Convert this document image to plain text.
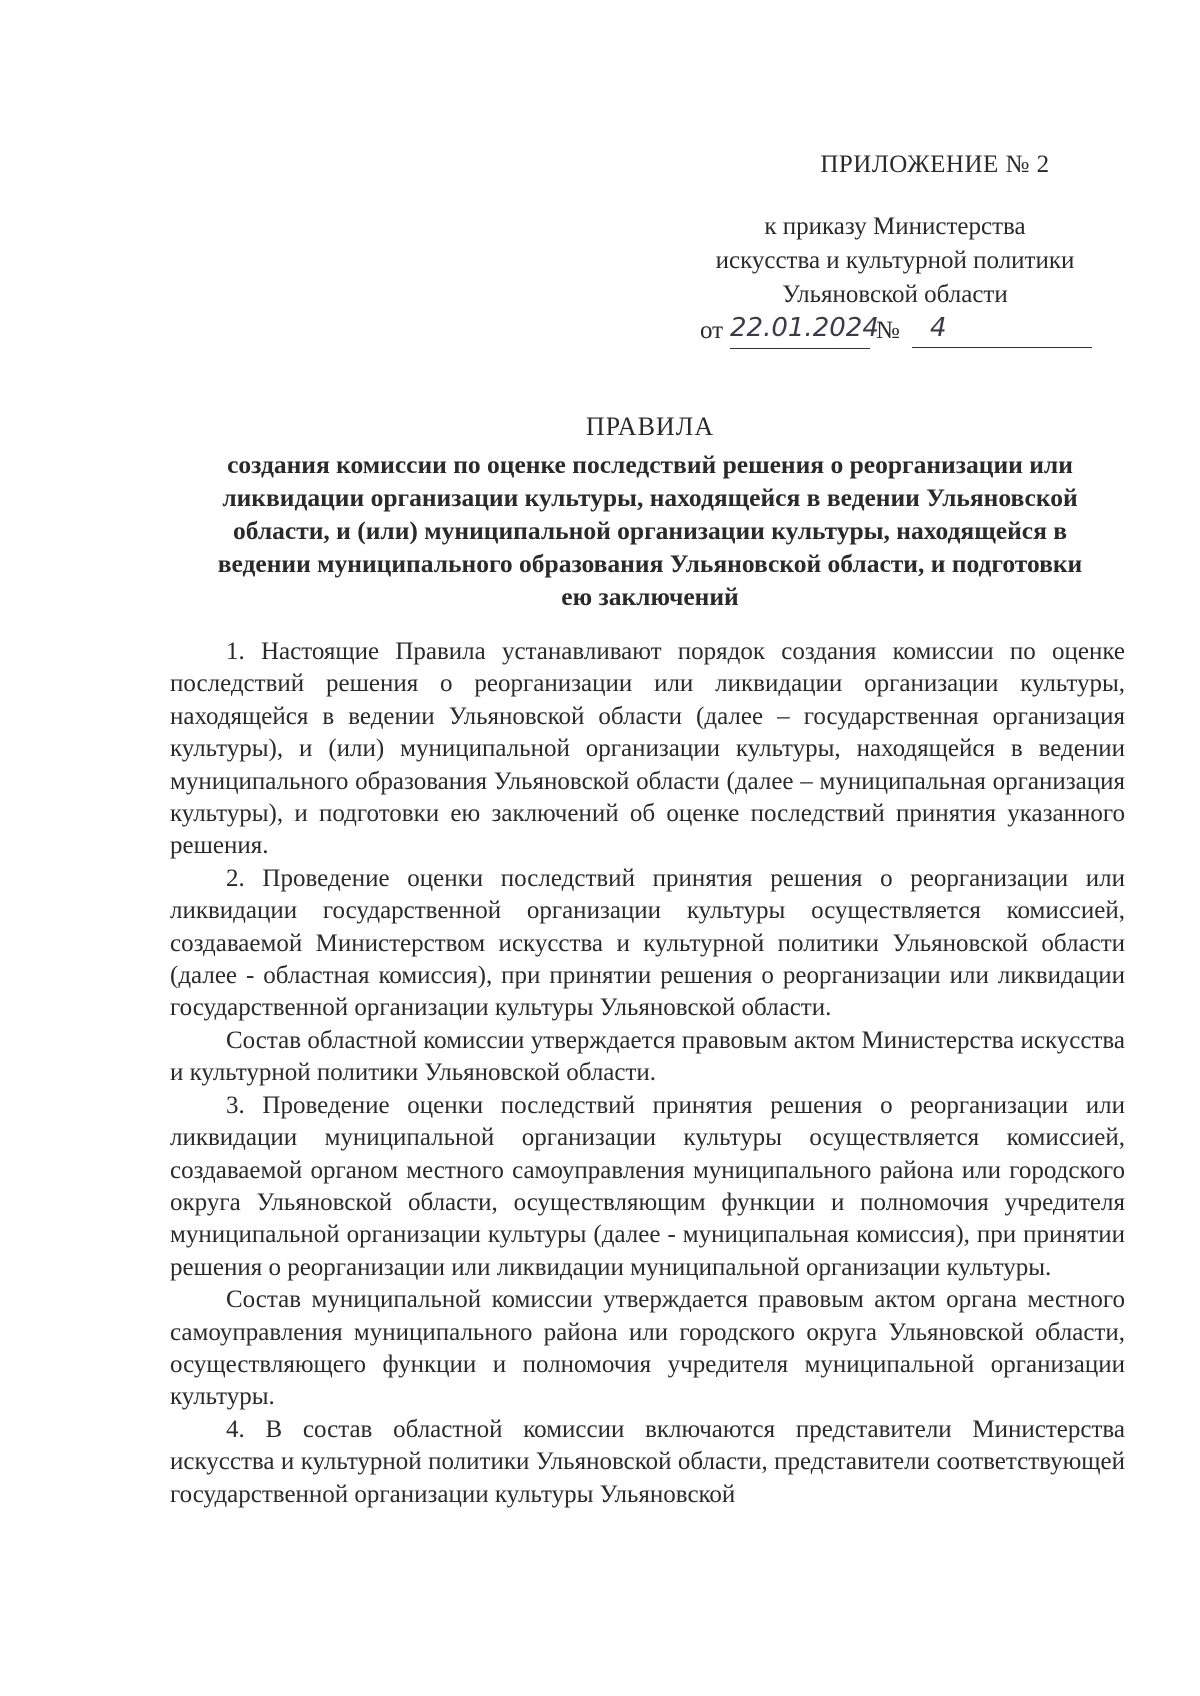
ПРИЛОЖЕНИЕ № 2
к приказу Министерства
искусства и культурной политики
Ульяновской области
от 22.01.2024
№	4
ПРАВИЛА
создания комиссии по оценке последствий решения о реорганизации или ликвидации организации культуры, находящейся в ведении Ульяновской области, и (или) муниципальной организации культуры, находящейся в ведении муниципального образования Ульяновской области, и подготовки ею заключений

1. Настоящие Правила устанавливают порядок создания комиссии по оценке последствий решения о реорганизации или ликвидации организации культуры, находящейся в ведении Ульяновской области (далее – государственная организация культуры), и (или) муниципальной организации культуры, находящейся в ведении муниципального образования Ульяновской области (далее – муниципальная организация культуры), и подготовки ею заключений об оценке последствий принятия указанного решения.

2. Проведение оценки последствий принятия решения о реорганизации или ликвидации государственной организации культуры осуществляется комиссией, создаваемой Министерством искусства и культурной политики Ульяновской области (далее - областная комиссия), при принятии решения о реорганизации или ликвидации государственной организации культуры Ульяновской области.

Состав областной комиссии утверждается правовым актом Министерства искусства и культурной политики Ульяновской области.

3. Проведение оценки последствий принятия решения о реорганизации или ликвидации муниципальной организации культуры осуществляется комиссией, создаваемой органом местного самоуправления муниципального района или городского округа Ульяновской области, осуществляющим функции и полномочия учредителя муниципальной организации культуры (далее - муниципальная комиссия), при принятии решения о реорганизации или ликвидации муниципальной организации культуры.

Состав муниципальной комиссии утверждается правовым актом органа местного самоуправления муниципального района или городского округа Ульяновской области, осуществляющего функции и полномочия учредителя муниципальной организации культуры.

4. В состав областной комиссии включаются представители Министерства искусства и культурной политики Ульяновской области, представители соответствующей государственной организации культуры Ульяновской
